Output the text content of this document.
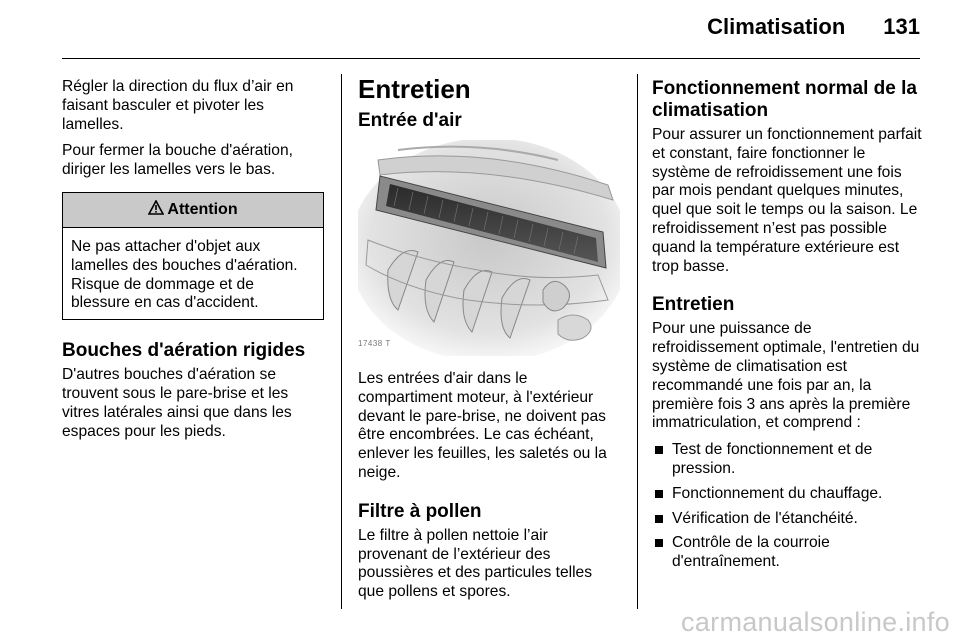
Climatisation 131

Régler la direction du flux d’air en faisant basculer et pivoter les lamelles.

Pour fermer la bouche d'aération, diriger les lamelles vers le bas.

Attention
Ne pas attacher d'objet aux lamelles des bouches d'aération. Risque de dommage et de blessure en cas d'accident.
Bouches d'aération rigides

D'autres bouches d'aération se trouvent sous le pare-brise et les vitres latérales ainsi que dans les espaces pour les pieds.

Entretien
Entrée d'air
17438 T

Les entrées d'air dans le compartiment moteur, à l'extérieur devant le pare-brise, ne doivent pas être encombrées. Le cas échéant, enlever les feuilles, les saletés ou la neige.

Filtre à pollen

Le filtre à pollen nettoie l’air provenant de l’extérieur des poussières et des particules telles que pollens et spores.

Fonctionnement normal de la climatisation

Pour assurer un fonctionnement parfait et constant, faire fonctionner le système de refroidissement une fois par mois pendant quelques minutes, quel que soit le temps ou la saison. Le refroidissement n’est pas possible quand la température extérieure est trop basse.

Entretien

Pour une puissance de refroidissement optimale, l'entretien du système de climatisation est recommandé une fois par an, la première fois 3 ans après la première immatriculation, et comprend :

Test de fonctionnement et de pression.
Fonctionnement du chauffage.
Vérification de l'étanchéité.
Contrôle de la courroie d'entraînement.
carmanualsonline.info
